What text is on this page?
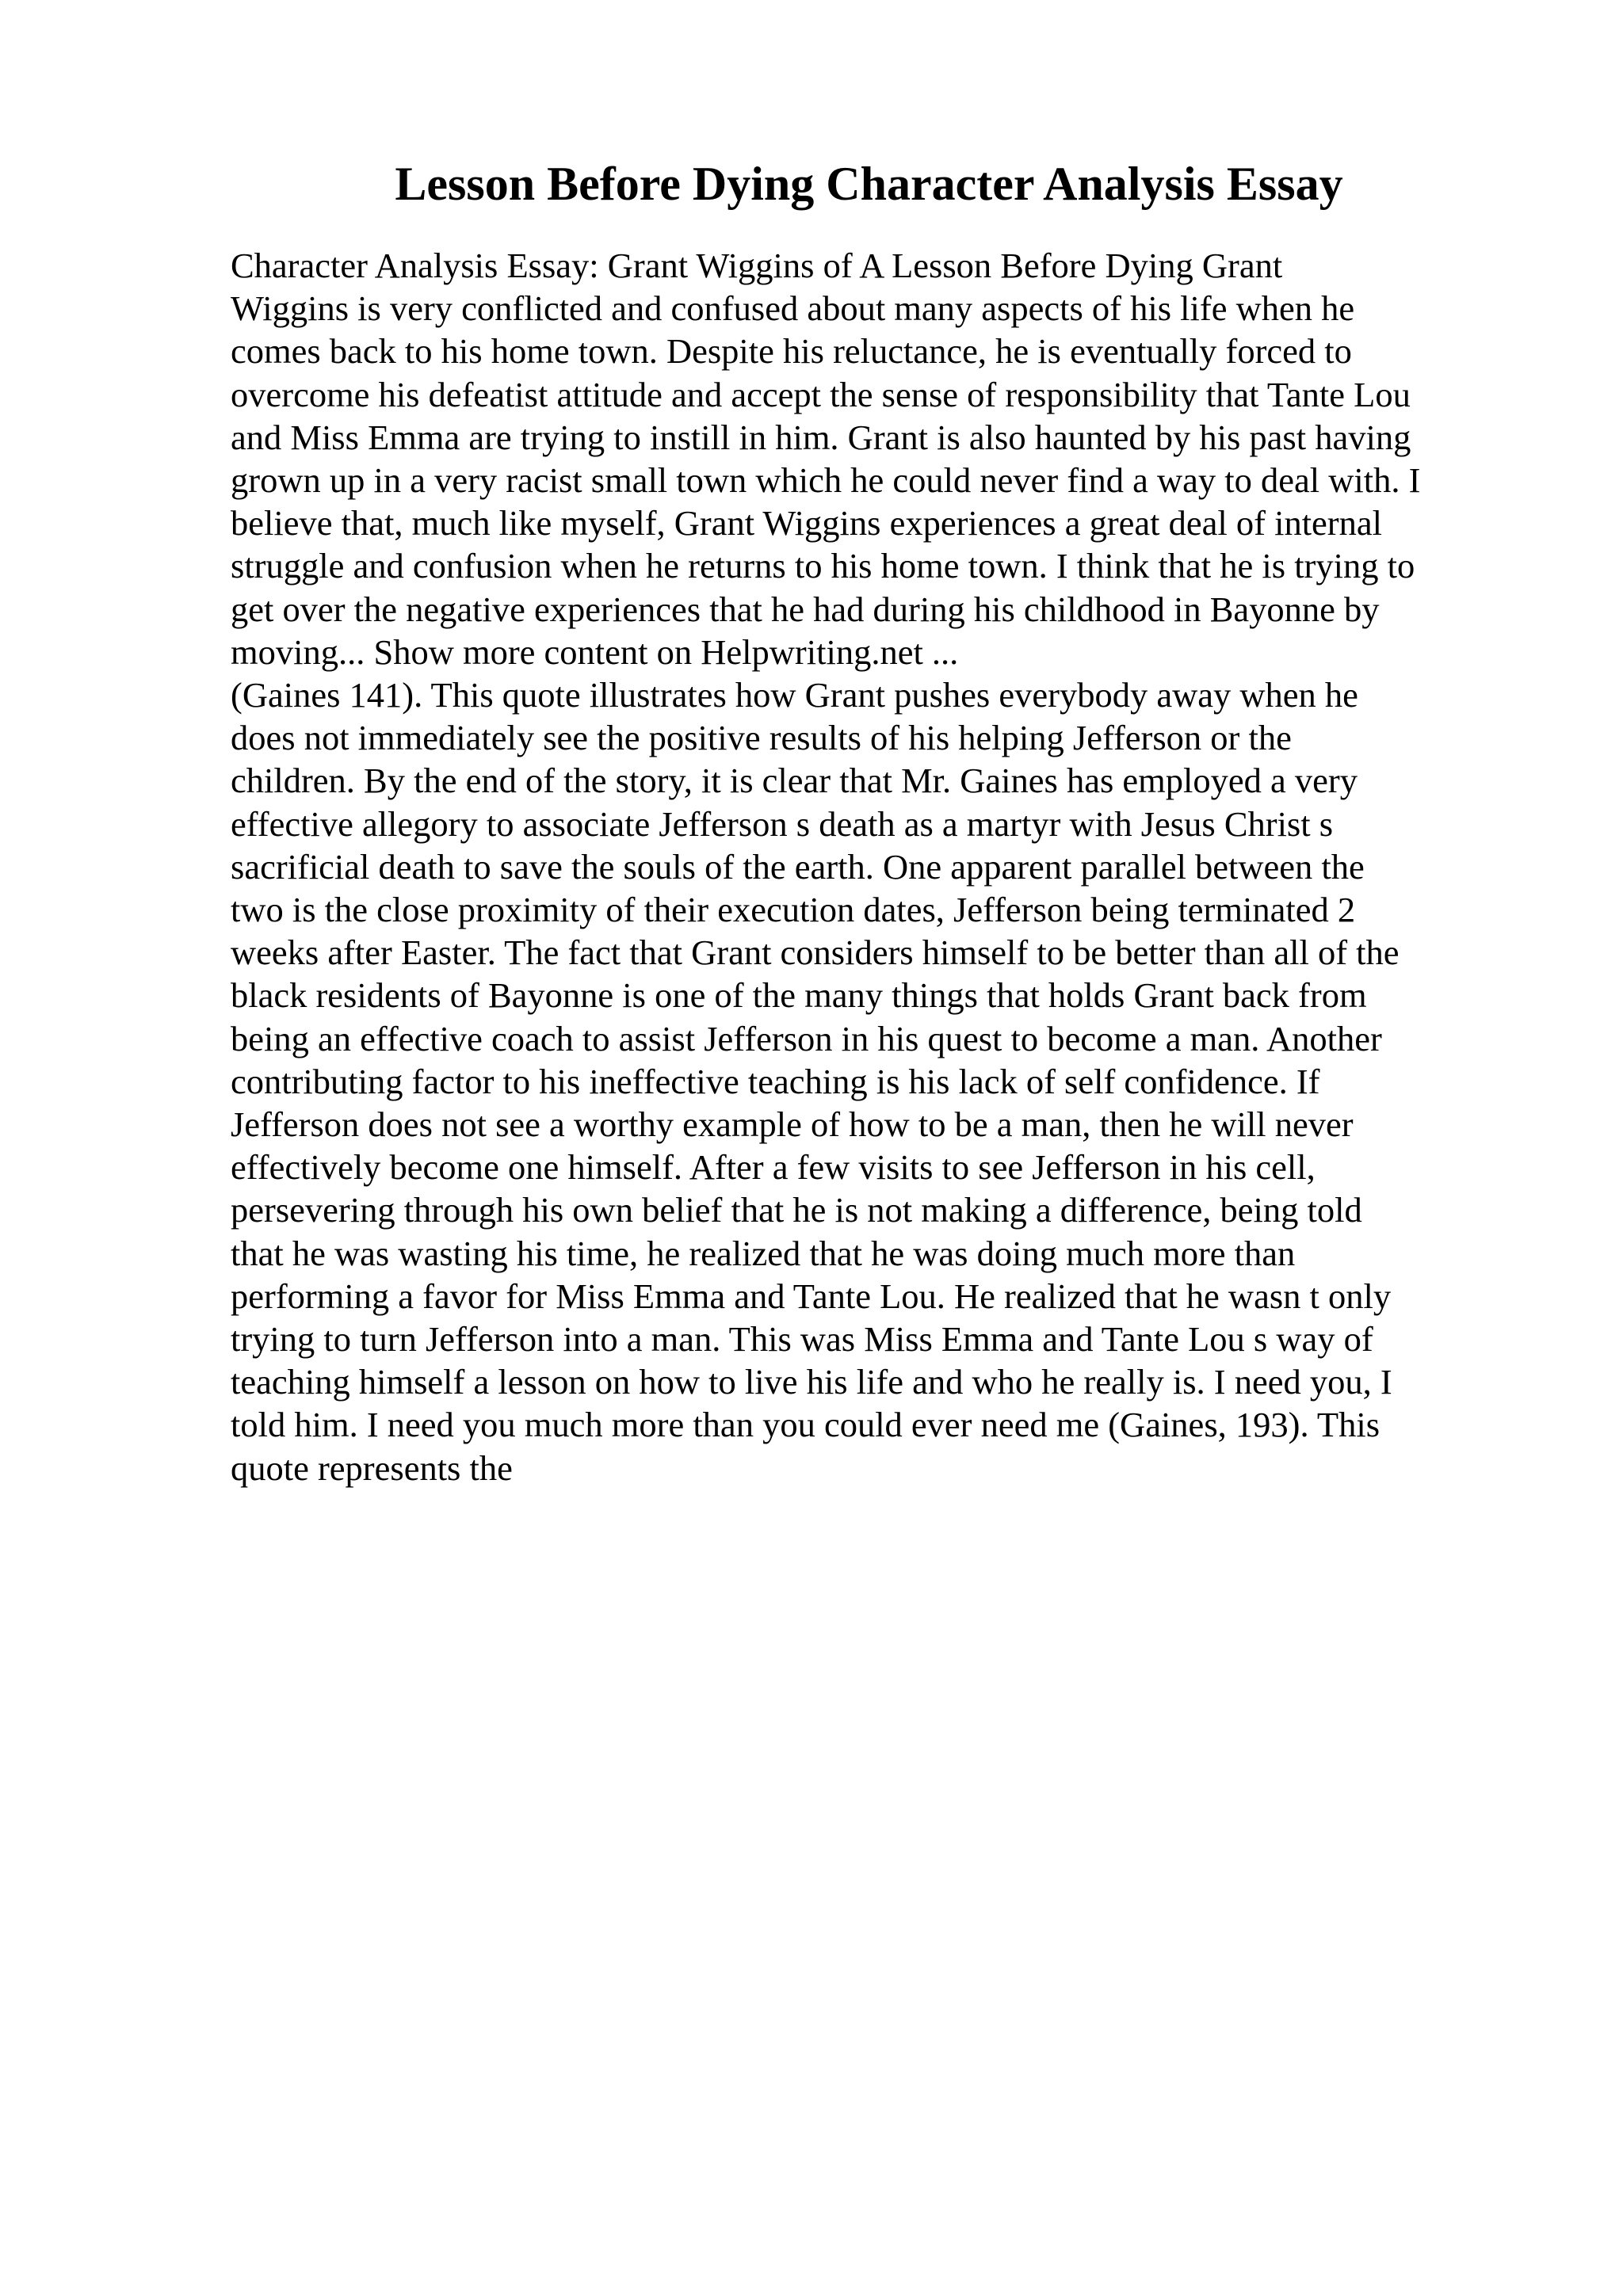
Lesson Before Dying Character Analysis Essay
Character Analysis Essay: Grant Wiggins of A Lesson Before Dying Grant
Wiggins is very conflicted and confused about many aspects of his life when he
comes back to his home town. Despite his reluctance, he is eventually forced to
overcome his defeatist attitude and accept the sense of responsibility that Tante Lou
and Miss Emma are trying to instill in him. Grant is also haunted by his past having
grown up in a very racist small town which he could never find a way to deal with. I
believe that, much like myself, Grant Wiggins experiences a great deal of internal
struggle and confusion when he returns to his home town. I think that he is trying to
get over the negative experiences that he had during his childhood in Bayonne by
moving... Show more content on Helpwriting.net ...
(Gaines 141). This quote illustrates how Grant pushes everybody away when he
does not immediately see the positive results of his helping Jefferson or the
children. By the end of the story, it is clear that Mr. Gaines has employed a very
effective allegory to associate Jefferson s death as a martyr with Jesus Christ s
sacrificial death to save the souls of the earth. One apparent parallel between the
two is the close proximity of their execution dates, Jefferson being terminated 2
weeks after Easter. The fact that Grant considers himself to be better than all of the
black residents of Bayonne is one of the many things that holds Grant back from
being an effective coach to assist Jefferson in his quest to become a man. Another
contributing factor to his ineffective teaching is his lack of self confidence. If
Jefferson does not see a worthy example of how to be a man, then he will never
effectively become one himself. After a few visits to see Jefferson in his cell,
persevering through his own belief that he is not making a difference, being told
that he was wasting his time, he realized that he was doing much more than
performing a favor for Miss Emma and Tante Lou. He realized that he wasn t only
trying to turn Jefferson into a man. This was Miss Emma and Tante Lou s way of
teaching himself a lesson on how to live his life and who he really is. I need you, I
told him. I need you much more than you could ever need me (Gaines, 193). This
quote represents the
